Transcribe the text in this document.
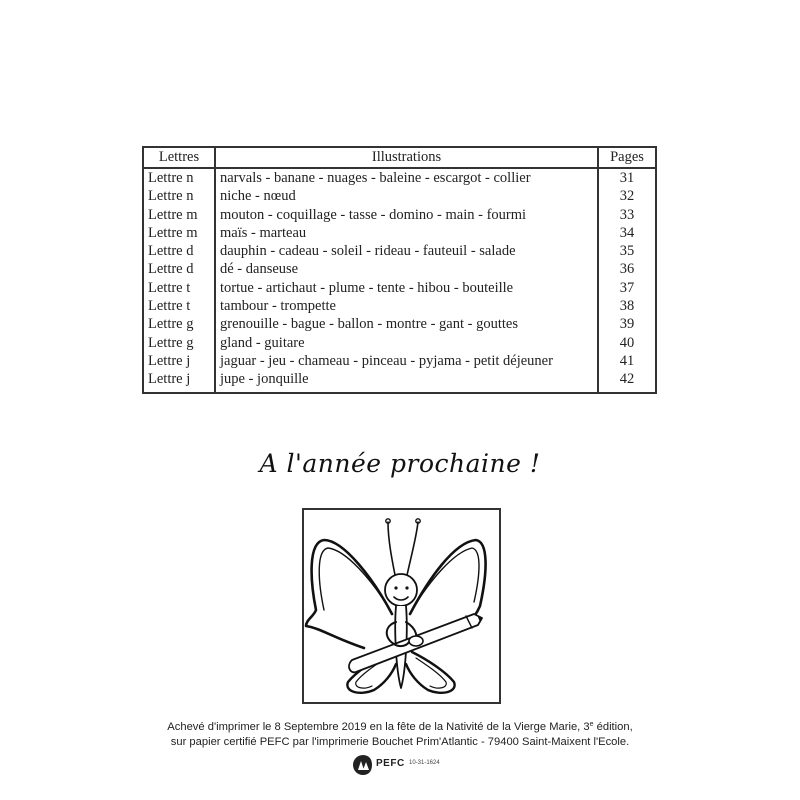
Lettres	Illustrations	Pages
Lettre n	narvals - banane - nuages - baleine - escargot - collier	31
Lettre n	niche - nœud	32
Lettre m	mouton - coquillage - tasse - domino - main - fourmi	33
Lettre m	maïs - marteau	34
Lettre d	dauphin - cadeau - soleil - rideau - fauteuil - salade	35
Lettre d	dé - danseuse	36
Lettre t	tortue - artichaut - plume - tente - hibou - bouteille	37
Lettre t	tambour - trompette	38
Lettre g	grenouille - bague - ballon - montre - gant - gouttes	39
Lettre g	gland - guitare	40
Lettre j	jaguar - jeu - chameau - pinceau - pyjama - petit déjeuner	41
Lettre j	jupe - jonquille	42
A l'année prochaine !
Achevé d'imprimer le 8 Septembre 2019 en la fête de la Nativité de la Vierge Marie, 3e édition,
sur papier certifié PEFC par l'imprimerie Bouchet Prim'Atlantic - 79400 Saint-Maixent l'Ecole.
PEFC 10-31-1624
